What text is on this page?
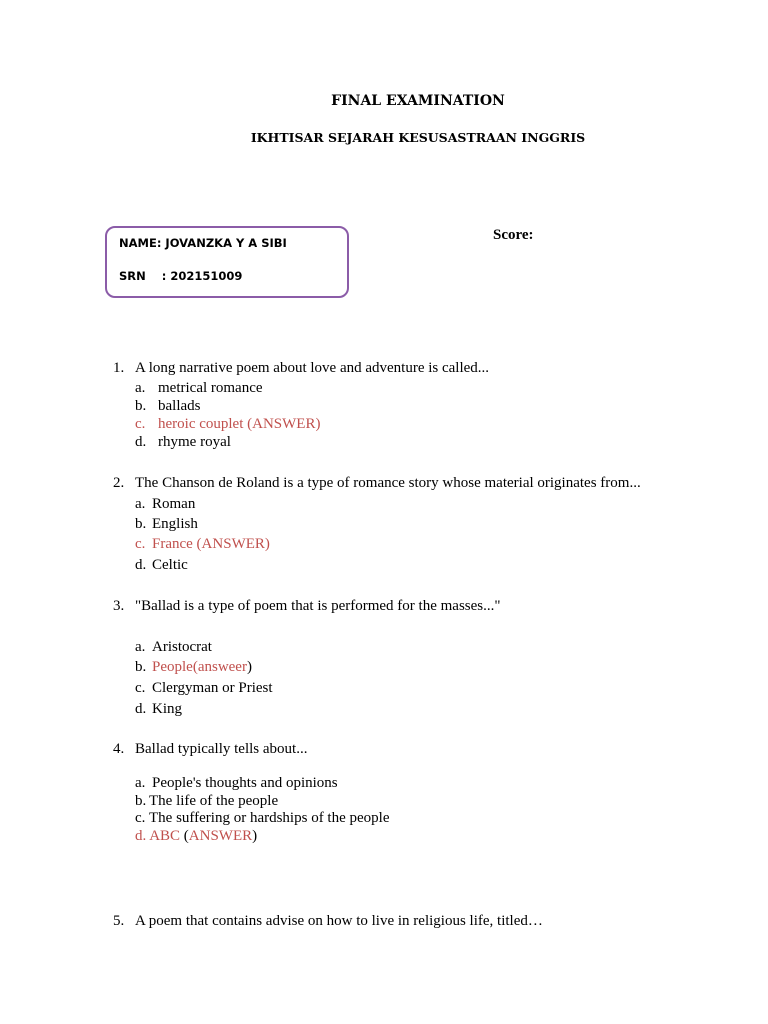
FINAL EXAMINATION
IKHTISAR SEJARAH KESUSASTRAAN INGGRIS
NAME: JOVANZKA Y A SIBI
SRN    : 202151009
Score:
1. A long narrative poem about love and adventure is called...
a. metrical romance
b. ballads
c. heroic couplet (ANSWER)
d. rhyme royal
2. The Chanson de Roland is a type of romance story whose material originates from...
a. Roman
b. English
c. France (ANSWER)
d. Celtic
3. "Ballad is a type of poem that is performed for the masses..."
a. Aristocrat
b. People(answeer)
c. Clergyman or Priest
d. King
4. Ballad typically tells about...
a. People's thoughts and opinions
b. The life of the people
c. The suffering or hardships of the people
d. ABC (ANSWER)
5. A poem that contains advise on how to live in religious life, titled…
